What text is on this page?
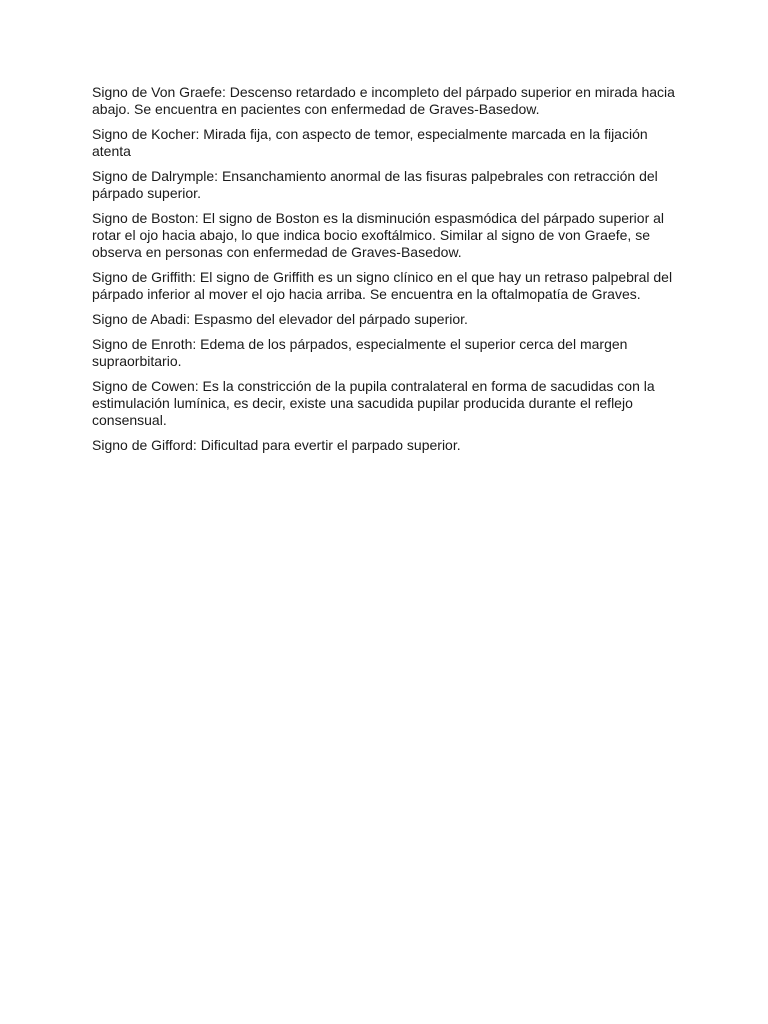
Signo de Von Graefe: Descenso retardado e incompleto del párpado superior en mirada hacia abajo. Se encuentra en pacientes con enfermedad de Graves-Basedow.

Signo de Kocher: Mirada fija, con aspecto de temor, especialmente marcada en la fijación atenta

Signo de Dalrymple: Ensanchamiento anormal de las fisuras palpebrales con retracción del párpado superior.

Signo de Boston: El signo de Boston es la disminución espasmódica del párpado superior al rotar el ojo hacia abajo, lo que indica bocio exoftálmico. Similar al signo de von Graefe, se observa en personas con enfermedad de Graves-Basedow.

Signo de Griffith: El signo de Griffith es un signo clínico en el que hay un retraso palpebral del párpado inferior al mover el ojo hacia arriba. Se encuentra en la oftalmopatía de Graves.

Signo de Abadi: Espasmo del elevador del párpado superior.

Signo de Enroth: Edema de los párpados, especialmente el superior cerca del margen supraorbitario.

Signo de Cowen: Es la constricción de la pupila contralateral en forma de sacudidas con la estimulación lumínica, es decir, existe una sacudida pupilar producida durante el reflejo consensual.

Signo de Gifford: Dificultad para evertir el parpado superior.
